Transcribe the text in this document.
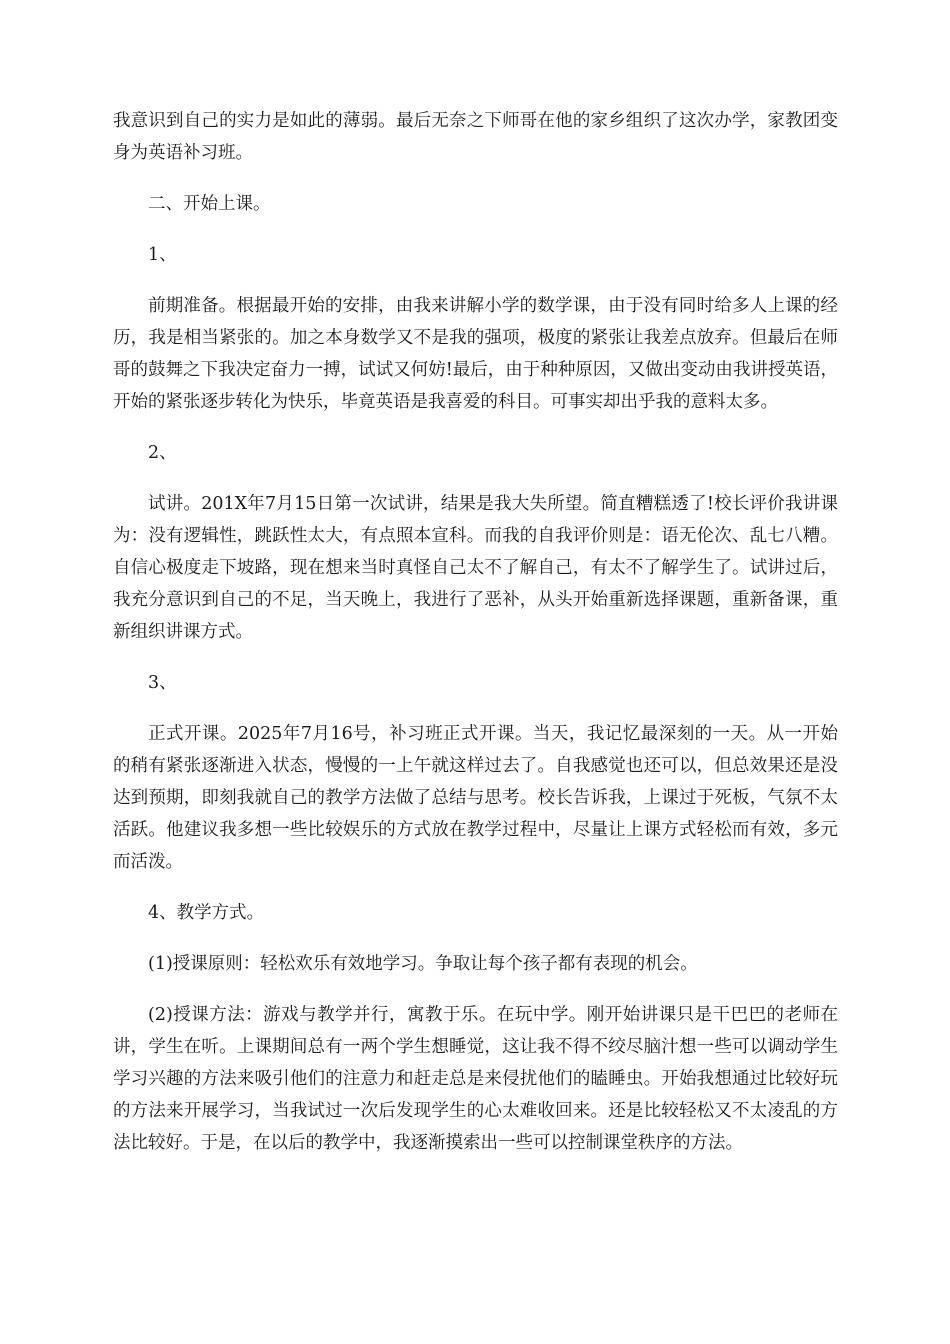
我意识到自己的实力是如此的薄弱。最后无奈之下师哥在他的家乡组织了这次办学，家教团变身为英语补习班。

二、开始上课。

1、

前期准备。根据最开始的安排，由我来讲解小学的数学课，由于没有同时给多人上课的经历，我是相当紧张的。加之本身数学又不是我的强项，极度的紧张让我差点放弃。但最后在师哥的鼓舞之下我决定奋力一搏，试试又何妨!最后，由于种种原因，又做出变动由我讲授英语，开始的紧张逐步转化为快乐，毕竟英语是我喜爱的科目。可事实却出乎我的意料太多。

2、

试讲。201X年7月15日第一次试讲，结果是我大失所望。简直糟糕透了!校长评价我讲课为：没有逻辑性，跳跃性太大，有点照本宣科。而我的自我评价则是：语无伦次、乱七八糟。自信心极度走下坡路，现在想来当时真怪自己太不了解自己，有太不了解学生了。试讲过后，我充分意识到自己的不足，当天晚上，我进行了恶补，从头开始重新选择课题，重新备课，重新组织讲课方式。

3、

正式开课。2025年7月16号，补习班正式开课。当天，我记忆最深刻的一天。从一开始的稍有紧张逐渐进入状态，慢慢的一上午就这样过去了。自我感觉也还可以，但总效果还是没达到预期，即刻我就自己的教学方法做了总结与思考。校长告诉我，上课过于死板，气氛不太活跃。他建议我多想一些比较娱乐的方式放在教学过程中，尽量让上课方式轻松而有效，多元而活泼。

4、教学方式。

(1)授课原则：轻松欢乐有效地学习。争取让每个孩子都有表现的机会。

(2)授课方法：游戏与教学并行，寓教于乐。在玩中学。刚开始讲课只是干巴巴的老师在讲，学生在听。上课期间总有一两个学生想睡觉，这让我不得不绞尽脑汁想一些可以调动学生学习兴趣的方法来吸引他们的注意力和赶走总是来侵扰他们的瞌睡虫。开始我想通过比较好玩的方法来开展学习，当我试过一次后发现学生的心太难收回来。还是比较轻松又不太凌乱的方法比较好。于是，在以后的教学中，我逐渐摸索出一些可以控制课堂秩序的方法。
